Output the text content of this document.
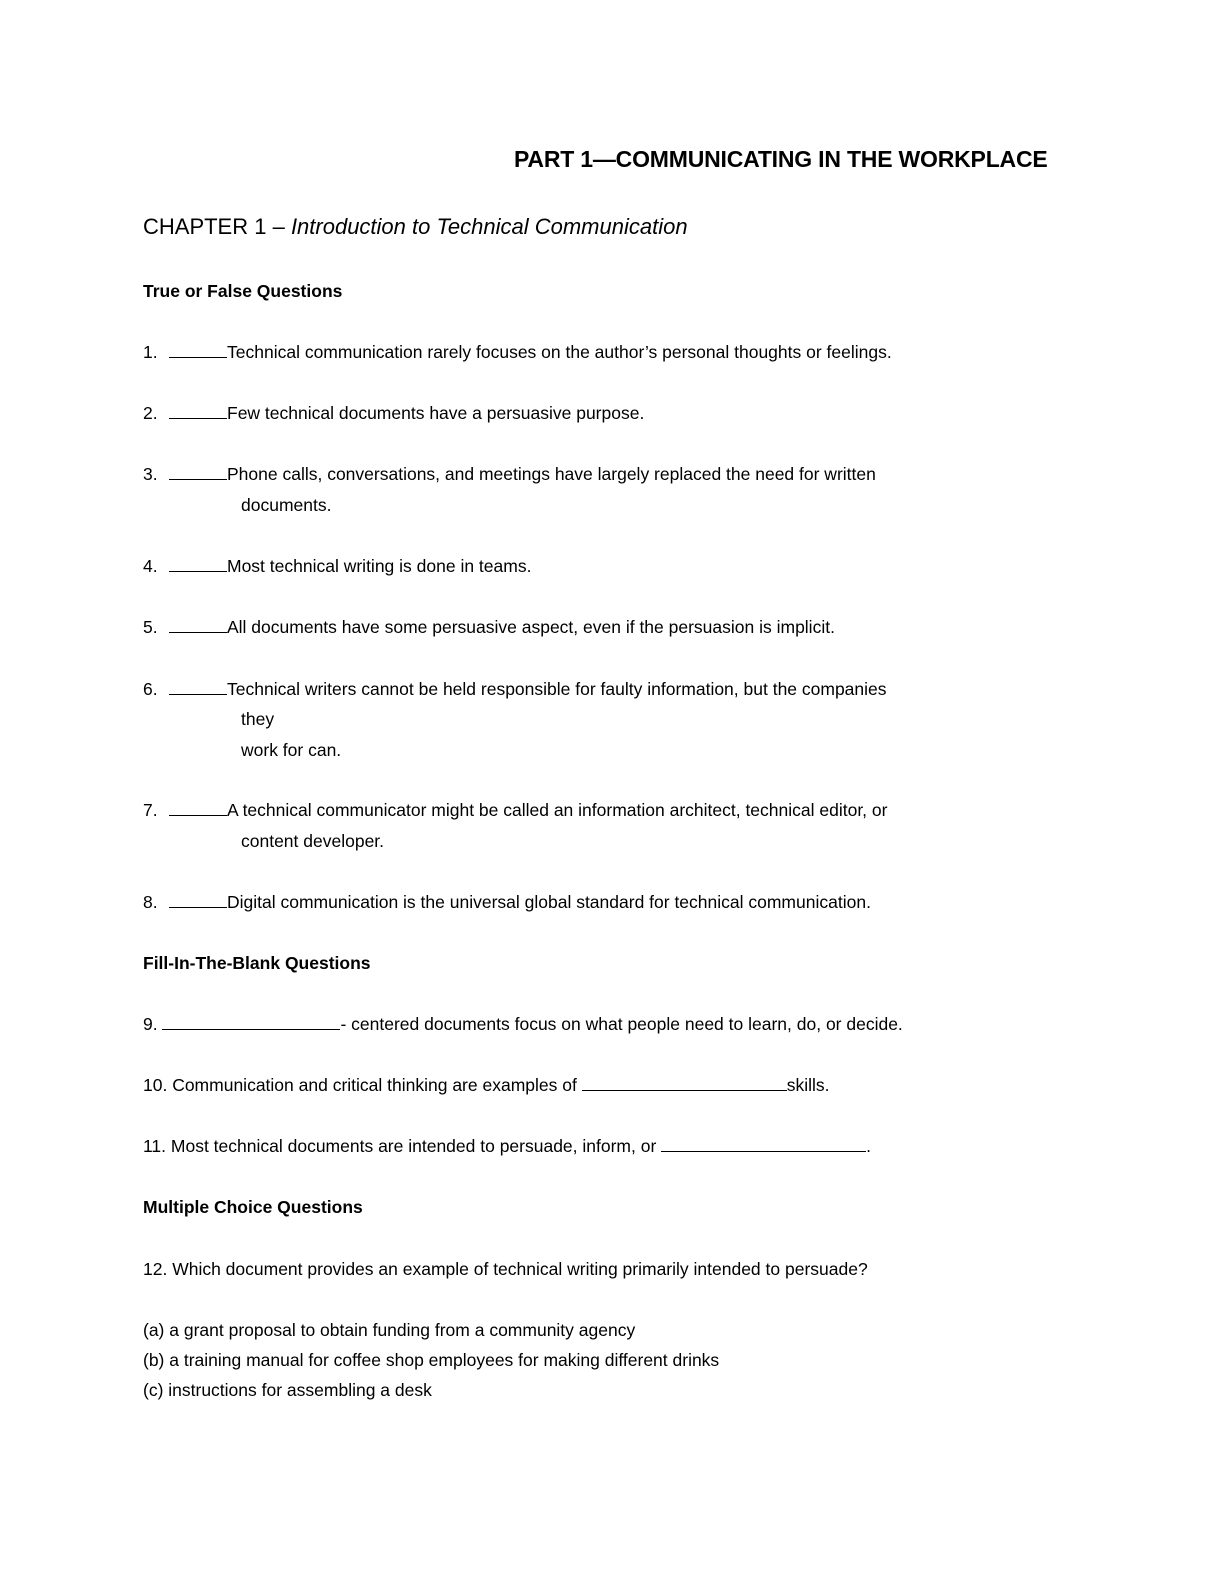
PART 1—COMMUNICATING IN THE WORKPLACE
CHAPTER 1 – Introduction to Technical Communication
True or False Questions
1.	Technical communication rarely focuses on the author’s personal thoughts or feelings.
2.	Few technical documents have a persuasive purpose.
3.	Phone calls, conversations, and meetings have largely replaced the need for written
documents.
4.	Most technical writing is done in teams.
5.	All documents have some persuasive aspect, even if the persuasion is implicit.
6.	Technical writers cannot be held responsible for faulty information, but the companies
they
work for can.
7.	A technical communicator might be called an information architect, technical editor, or
content developer.
8.	Digital communication is the universal global standard for technical communication.
Fill-In-The-Blank Questions
9.	- centered documents focus on what people need to learn, do, or decide.
10. Communication and critical thinking are examples of	skills.
11. Most technical documents are intended to persuade, inform, or	.
Multiple Choice Questions
12. Which document provides an example of technical writing primarily intended to persuade?
(a) a grant proposal to obtain funding from a community agency
(b) a training manual for coffee shop employees for making different drinks
(c) instructions for assembling a desk
